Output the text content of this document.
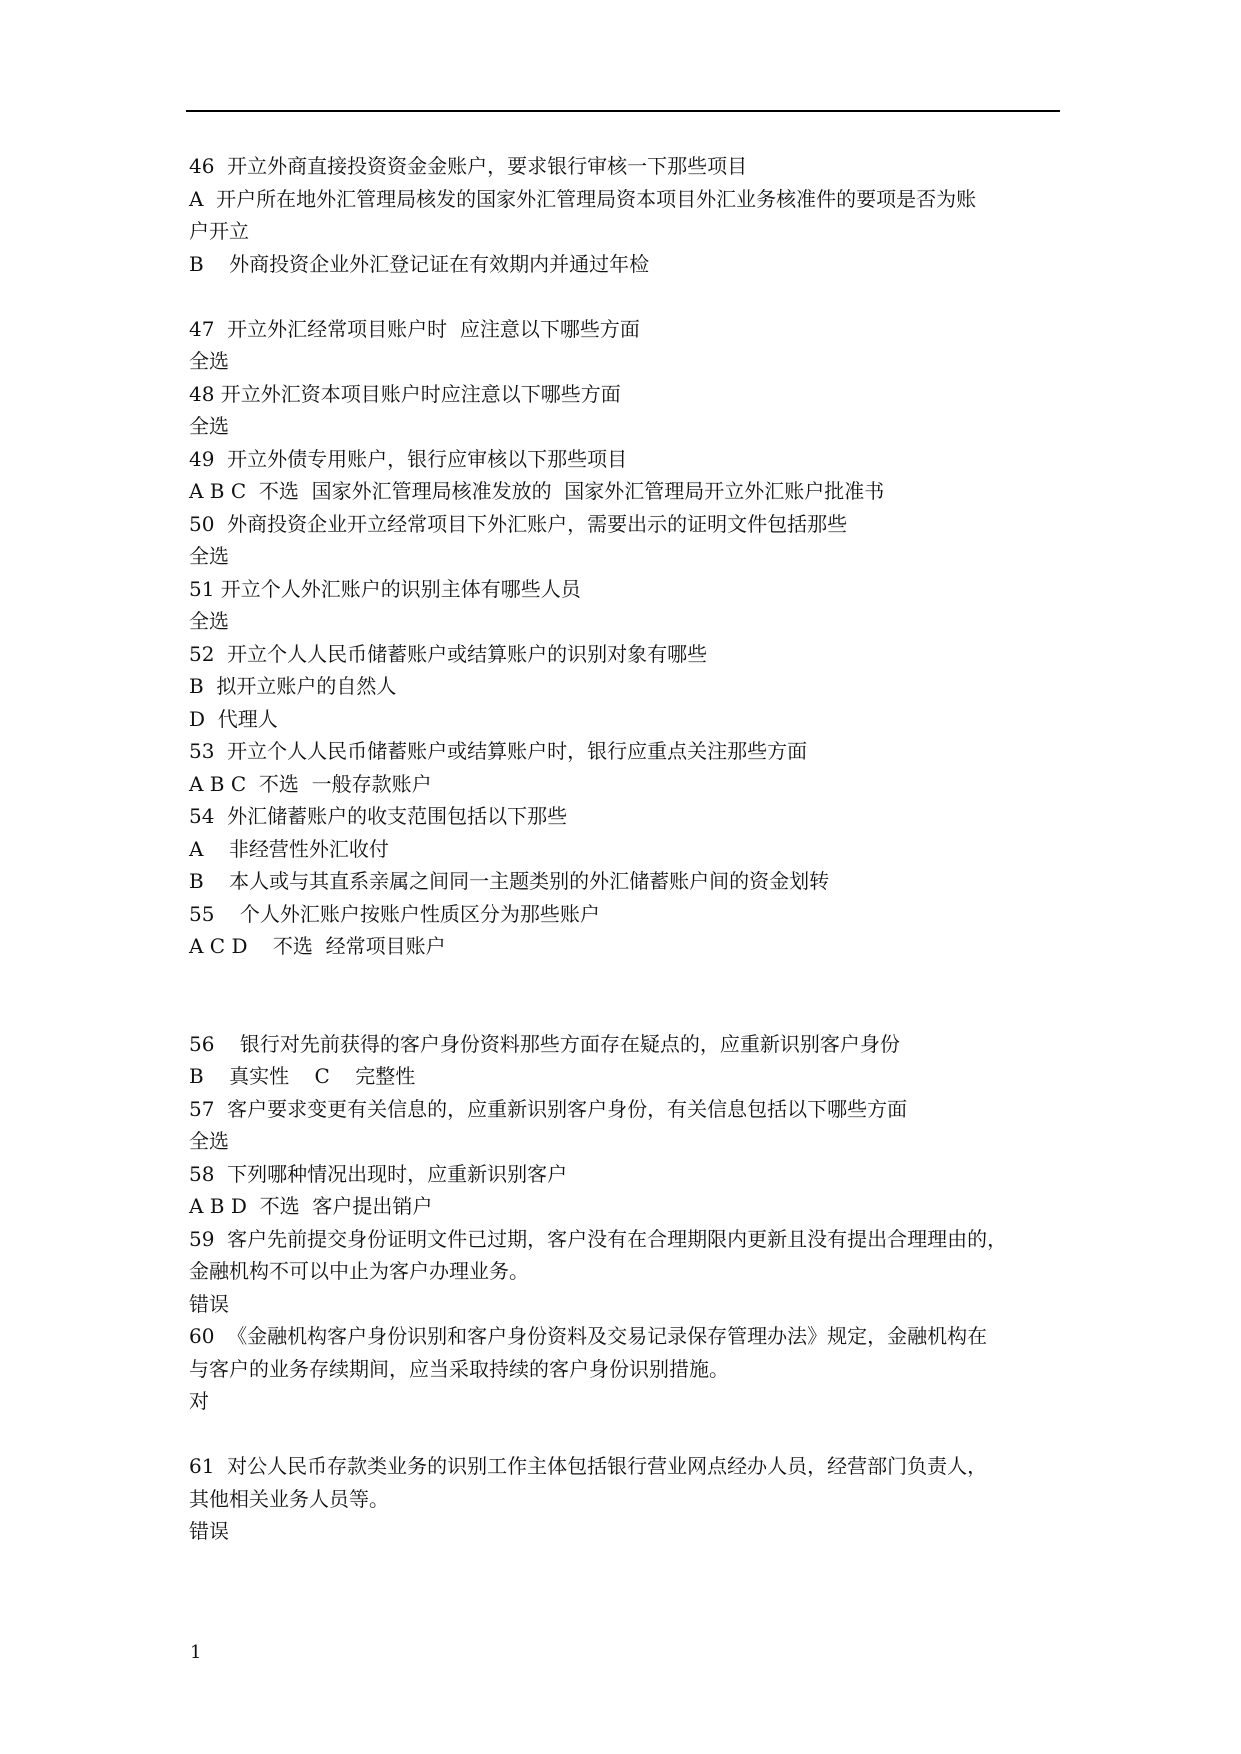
46  开立外商直接投资资金金账户，要求银行审核一下那些项目
A  开户所在地外汇管理局核发的国家外汇管理局资本项目外汇业务核准件的要项是否为账
户开立
B    外商投资企业外汇登记证在有效期内并通过年检
47  开立外汇经常项目账户时  应注意以下哪些方面
全选
48 开立外汇资本项目账户时应注意以下哪些方面
全选
49  开立外债专用账户，银行应审核以下那些项目
A B C  不选  国家外汇管理局核准发放的  国家外汇管理局开立外汇账户批准书
50  外商投资企业开立经常项目下外汇账户，需要出示的证明文件包括那些
全选
51 开立个人外汇账户的识别主体有哪些人员
全选
52  开立个人人民币储蓄账户或结算账户的识别对象有哪些
B  拟开立账户的自然人
D  代理人
53  开立个人人民币储蓄账户或结算账户时，银行应重点关注那些方面
A B C  不选  一般存款账户
54  外汇储蓄账户的收支范围包括以下那些
A    非经营性外汇收付
B    本人或与其直系亲属之间同一主题类别的外汇储蓄账户间的资金划转
55    个人外汇账户按账户性质区分为那些账户
A C D    不选  经常项目账户
56    银行对先前获得的客户身份资料那些方面存在疑点的，应重新识别客户身份
B    真实性    C    完整性
57  客户要求变更有关信息的，应重新识别客户身份，有关信息包括以下哪些方面
全选
58  下列哪种情况出现时，应重新识别客户
A B D  不选  客户提出销户
59  客户先前提交身份证明文件已过期，客户没有在合理期限内更新且没有提出合理理由的，
金融机构不可以中止为客户办理业务。
错误
60  《金融机构客户身份识别和客户身份资料及交易记录保存管理办法》规定，金融机构在
与客户的业务存续期间，应当采取持续的客户身份识别措施。
对
61  对公人民币存款类业务的识别工作主体包括银行营业网点经办人员，经营部门负责人，
其他相关业务人员等。
错误
1
